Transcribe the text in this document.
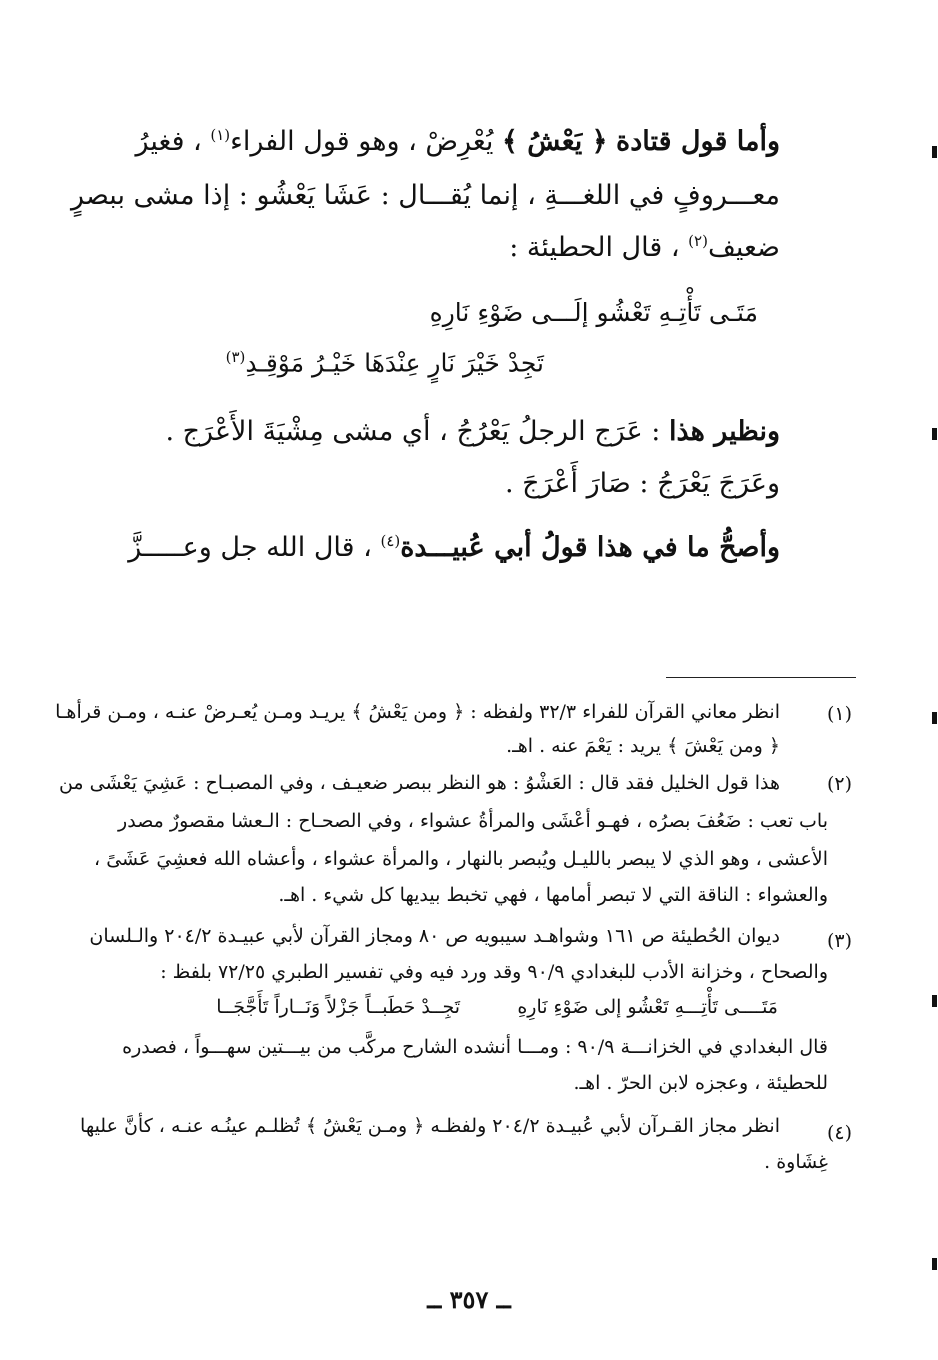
وأما قول قتادة ﴿ يَعْشُ ﴾ يُعْرِضْ ، وهو قول الفراء$^{(١)}$ ، فغيرُ
معـــروفٍ في اللغـــةِ ، إنما يُقـــال : عَشَا يَعْشُو : إذا مشى ببصرٍ
ضعيف$^{(٢)}$ ، قال الحطيئة :
مَتَـى تَأْتِـهِ تَعْشُو إلَـــى ضَوْءِ نَارِهِ
تَجِدْ خَيْرَ نَارٍ عِنْدَهَا خَيْـرُ مَوْقِـدِ$^{(٣)}$
ونظير هذا : عَرَج الرجلُ يَعْرُجُ ، أي مشى مِشْيَةَ الأَعْرَج .
وعَرَجَ يَعْرَجُ : صَارَ أَعْرَجَ .
وأصحُّ ما في هذا قولُ أبي عُبيـــدة$^{(٤)}$ ، قال الله جل وعـــــزَّ
(١)
انظر معاني القرآن للفراء ٣٢/٣ ولفظه : ﴿ ومن يَعْشُ ﴾ يريـد ومـن يُعـرضْ عنـه ، ومـن قرأهـا
﴿ ومن يَعْشَ ﴾ يريد : يَعْمَ عنه . اهـ.
(٢)
هذا قول الخليل فقد قال : العَشْوُ : هو النظر ببصر ضعيـف ، وفي المصبـاح : عَشِيَ يَعْشَى من
باب تعب : ضَعُفَ بصرُه ، فهـو أعْشَى والمرأةُ عشواء ، وفي الصحـاح : الـعشا مقصورٌ مصدر
الأعشى ، وهو الذي لا يبصر بالليـل ويُبصر بالنهار ، والمرأة عشواء ، وأعشاه الله فعشِيَ عَشَىً ،
والعشواء : الناقة التي لا تبصر أمامها ، فهي تخبط بيديها كل شيء . اهـ.
(٣)
ديوان الحُطيئة ص ١٦١ وشواهـد سيبويه ص ٨٠ ومجاز القرآن لأبي عبيـدة ٢٠٤/٢ والـلسان
والصحاح ، وخزانة الأدب للبغدادي ٩٠/٩ وقد ورد فيه وفي تفسير الطبري ٧٢/٢٥ بلفظ :
مَتَــــى تَأْتِـــهِ تَعْشُو إلى ضَوْءِ نَارِهِ
تَجِــدْ حَطَبــاً جَزْلاً وَنَــاراً تَأَجَّجَــا
قال البغدادي في الخزانـــة ٩٠/٩ : ومـــا أنشده الشارح مركَّب من بيـــتين سهـــواً ، فصدره
للحطيئة ، وعجزه لابن الحرّ . اهـ.
(٤)
انظر مجاز القـرآن لأبي عُبيـدة ٢٠٤/٢ ولفظـه ﴿ ومـن يَعْشُ ﴾ تُظلـم عينُـه عنـه ، كأنَّ عليها
غِشَاوة .
ــ ٣٥٧ ــ
